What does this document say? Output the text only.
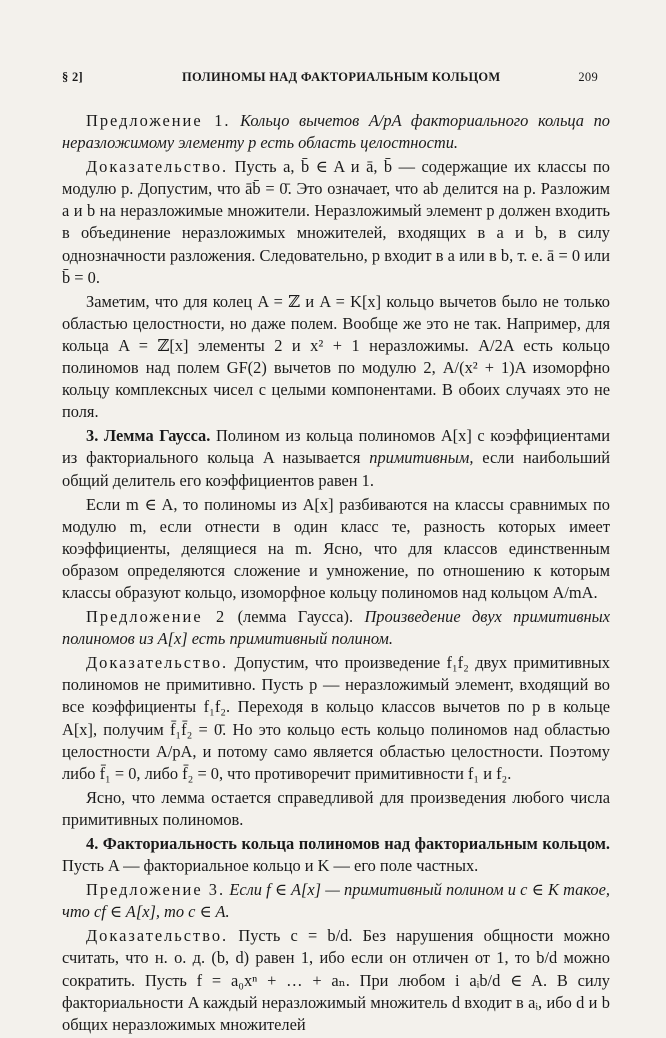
§ 2]	ПОЛИНОМЫ НАД ФАКТОРИАЛЬНЫМ КОЛЬЦОМ	209

Предложение 1. Кольцо вычетов A/pA факториального кольца по неразложимому элементу p есть область целостности.

Доказательство. Пусть a, b̄ ∈ A и ā, b̄ — содержащие их классы по модулю p. Допустим, что āb̄ = 0̄. Это означает, что ab делится на p. Разложим a и b на неразложимые множители. Неразложимый элемент p должен входить в объединение неразложимых множителей, входящих в a и b, в силу однозначности разложения. Следовательно, p входит в a или в b, т. е. ā = 0 или b̄ = 0.

Заметим, что для колец A = ℤ и A = K[x] кольцо вычетов было не только областью целостности, но даже полем. Вообще же это не так. Например, для кольца A = ℤ[x] элементы 2 и x² + 1 неразложимы. A/2A есть кольцо полиномов над полем GF(2) вычетов по модулю 2, A/(x² + 1)A изоморфно кольцу комплексных чисел с целыми компонентами. В обоих случаях это не поля.

3. Лемма Гаусса. Полином из кольца полиномов A[x] с коэффициентами из факториального кольца A называется примитивным, если наибольший общий делитель его коэффициентов равен 1.

Если m ∈ A, то полиномы из A[x] разбиваются на классы сравнимых по модулю m, если отнести в один класс те, разность которых имеет коэффициенты, делящиеся на m. Ясно, что для классов единственным образом определяются сложение и умножение, по отношению к которым классы образуют кольцо, изоморфное кольцу полиномов над кольцом A/mA.

Предложение 2 (лемма Гаусса). Произведение двух примитивных полиномов из A[x] есть примитивный полином.

Доказательство. Допустим, что произведение f₁f₂ двух примитивных полиномов не примитивно. Пусть p — неразложимый элемент, входящий во все коэффициенты f₁f₂. Переходя в кольцо классов вычетов по p в кольце A[x], получим f̄₁f̄₂ = 0̄. Но это кольцо есть кольцо полиномов над областью целостности A/pA, и потому само является областью целостности. Поэтому либо f̄₁ = 0, либо f̄₂ = 0, что противоречит примитивности f₁ и f₂.

Ясно, что лемма остается справедливой для произведения любого числа примитивных полиномов.

4. Факториальность кольца полиномов над факториальным кольцом. Пусть A — факториальное кольцо и K — его поле частных.

Предложение 3. Если f ∈ A[x] — примитивный полином и c ∈ K такое, что cf ∈ A[x], то c ∈ A.

Доказательство. Пусть c = b/d. Без нарушения общности можно считать, что н. о. д. (b, d) равен 1, ибо если он отличен от 1, то b/d можно сократить. Пусть f = a₀xⁿ + … + aₙ. При любом i aᵢb/d ∈ A. В силу факториальности A каждый неразложимый множитель d входит в aᵢ, ибо d и b общих неразложимых множителей
